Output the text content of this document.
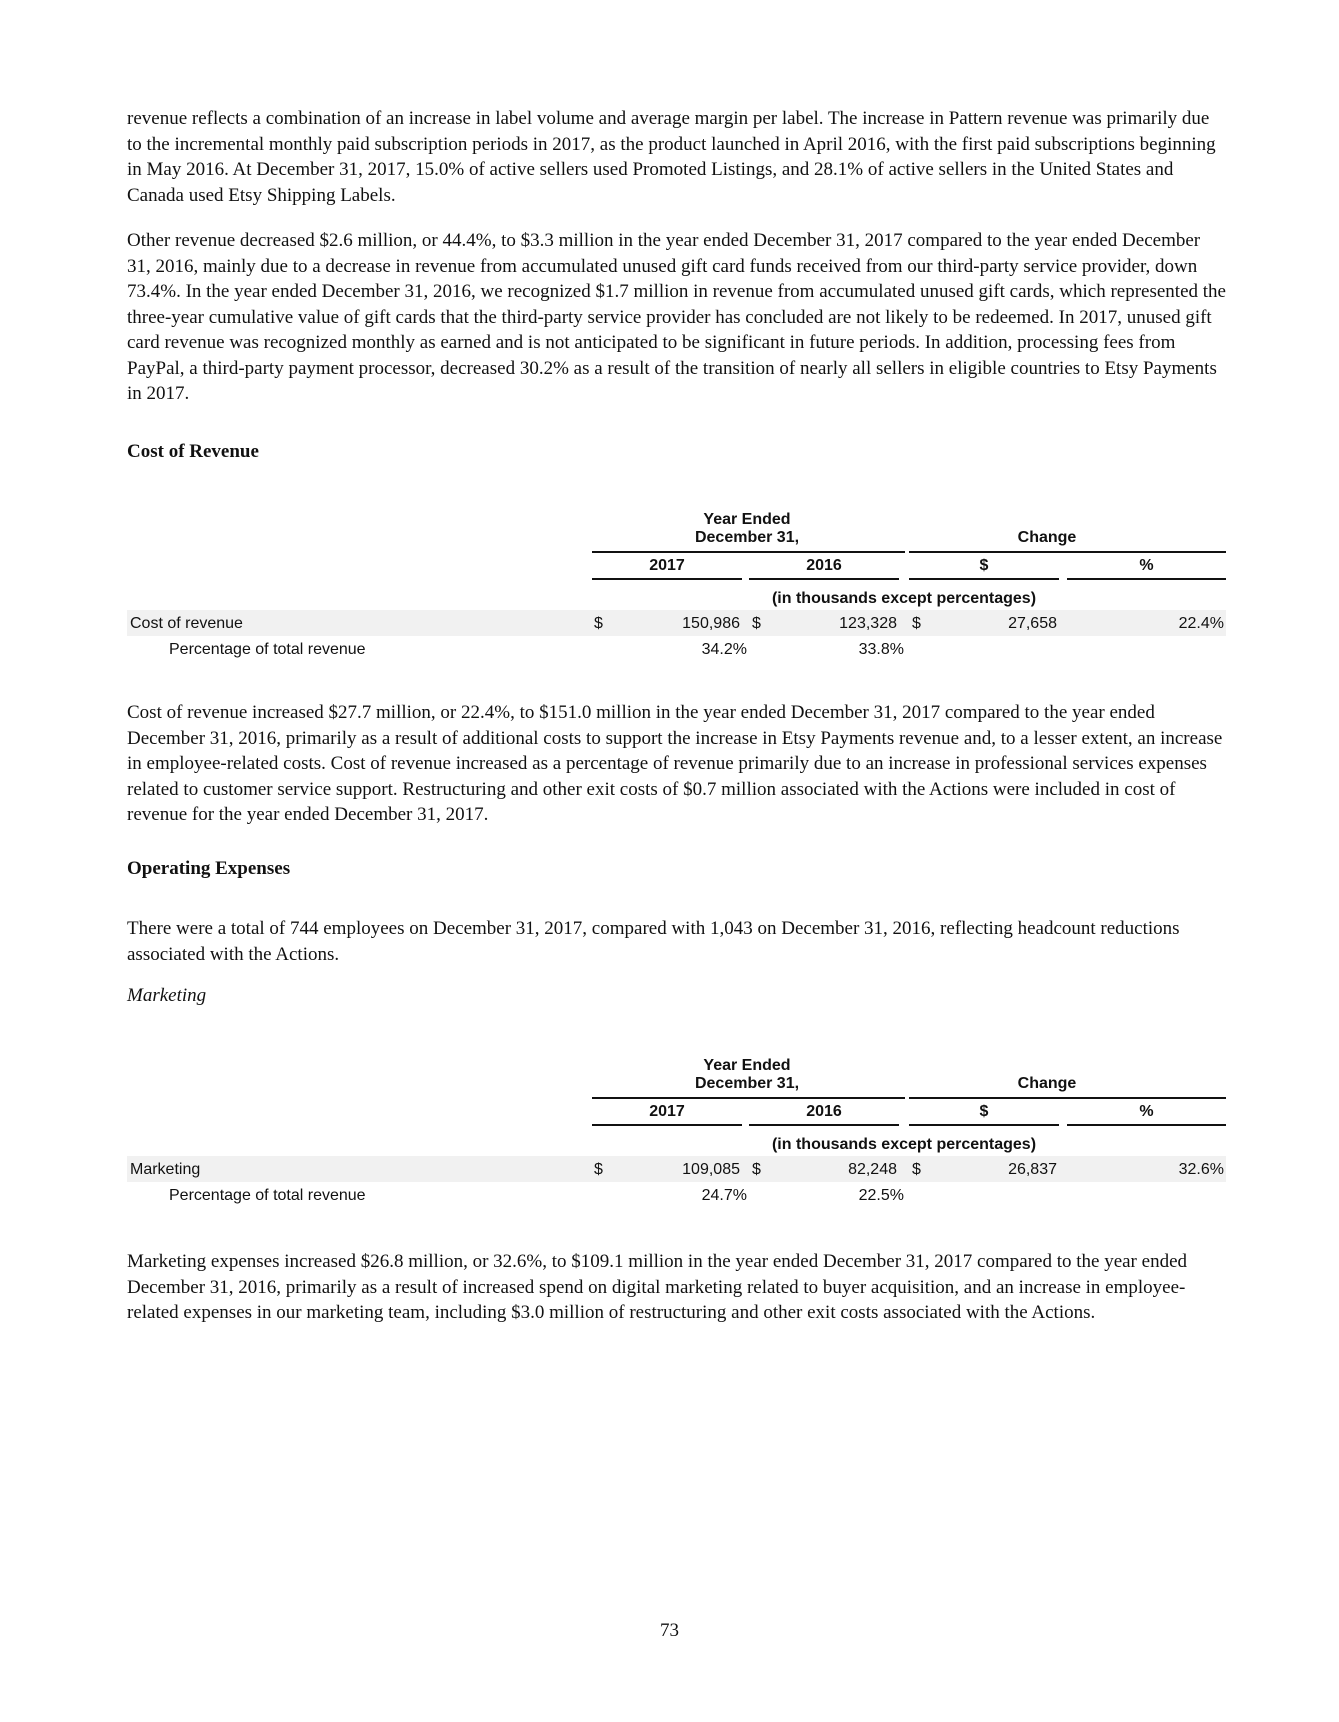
revenue reflects a combination of an increase in label volume and average margin per label. The increase in Pattern revenue was primarily due to the incremental monthly paid subscription periods in 2017, as the product launched in April 2016, with the first paid subscriptions beginning in May 2016. At December 31, 2017, 15.0% of active sellers used Promoted Listings, and 28.1% of active sellers in the United States and Canada used Etsy Shipping Labels.

Other revenue decreased $2.6 million, or 44.4%, to $3.3 million in the year ended December 31, 2017 compared to the year ended December 31, 2016, mainly due to a decrease in revenue from accumulated unused gift card funds received from our third-party service provider, down 73.4%. In the year ended December 31, 2016, we recognized $1.7 million in revenue from accumulated unused gift cards, which represented the three-year cumulative value of gift cards that the third-party service provider has concluded are not likely to be redeemed. In 2017, unused gift card revenue was recognized monthly as earned and is not anticipated to be significant in future periods. In addition, processing fees from PayPal, a third-party payment processor, decreased 30.2% as a result of the transition of nearly all sellers in eligible countries to Etsy Payments in 2017.

Cost of Revenue
Year Ended
December 31,	Change
2017	2016	$	%
(in thousands except percentages)
Cost of revenue	$	150,986 $	123,328 $	27,658	22.4%
Percentage of total revenue	34.2%	33.8%

Cost of revenue increased $27.7 million, or 22.4%, to $151.0 million in the year ended December 31, 2017 compared to the year ended December 31, 2016, primarily as a result of additional costs to support the increase in Etsy Payments revenue and, to a lesser extent, an increase in employee-related costs. Cost of revenue increased as a percentage of revenue primarily due to an increase in professional services expenses related to customer service support. Restructuring and other exit costs of $0.7 million associated with the Actions were included in cost of revenue for the year ended December 31, 2017.

Operating Expenses

There were a total of 744 employees on December 31, 2017, compared with 1,043 on December 31, 2016, reflecting headcount reductions associated with the Actions.

Marketing

Year Ended
December 31,	Change
2017	2016	$	%
(in thousands except percentages)
Marketing	$	109,085 $	82,248 $	26,837	32.6%
Percentage of total revenue	24.7%	22.5%

Marketing expenses increased $26.8 million, or 32.6%, to $109.1 million in the year ended December 31, 2017 compared to the year ended December 31, 2016, primarily as a result of increased spend on digital marketing related to buyer acquisition, and an increase in employee-related expenses in our marketing team, including $3.0 million of restructuring and other exit costs associated with the Actions.

73
